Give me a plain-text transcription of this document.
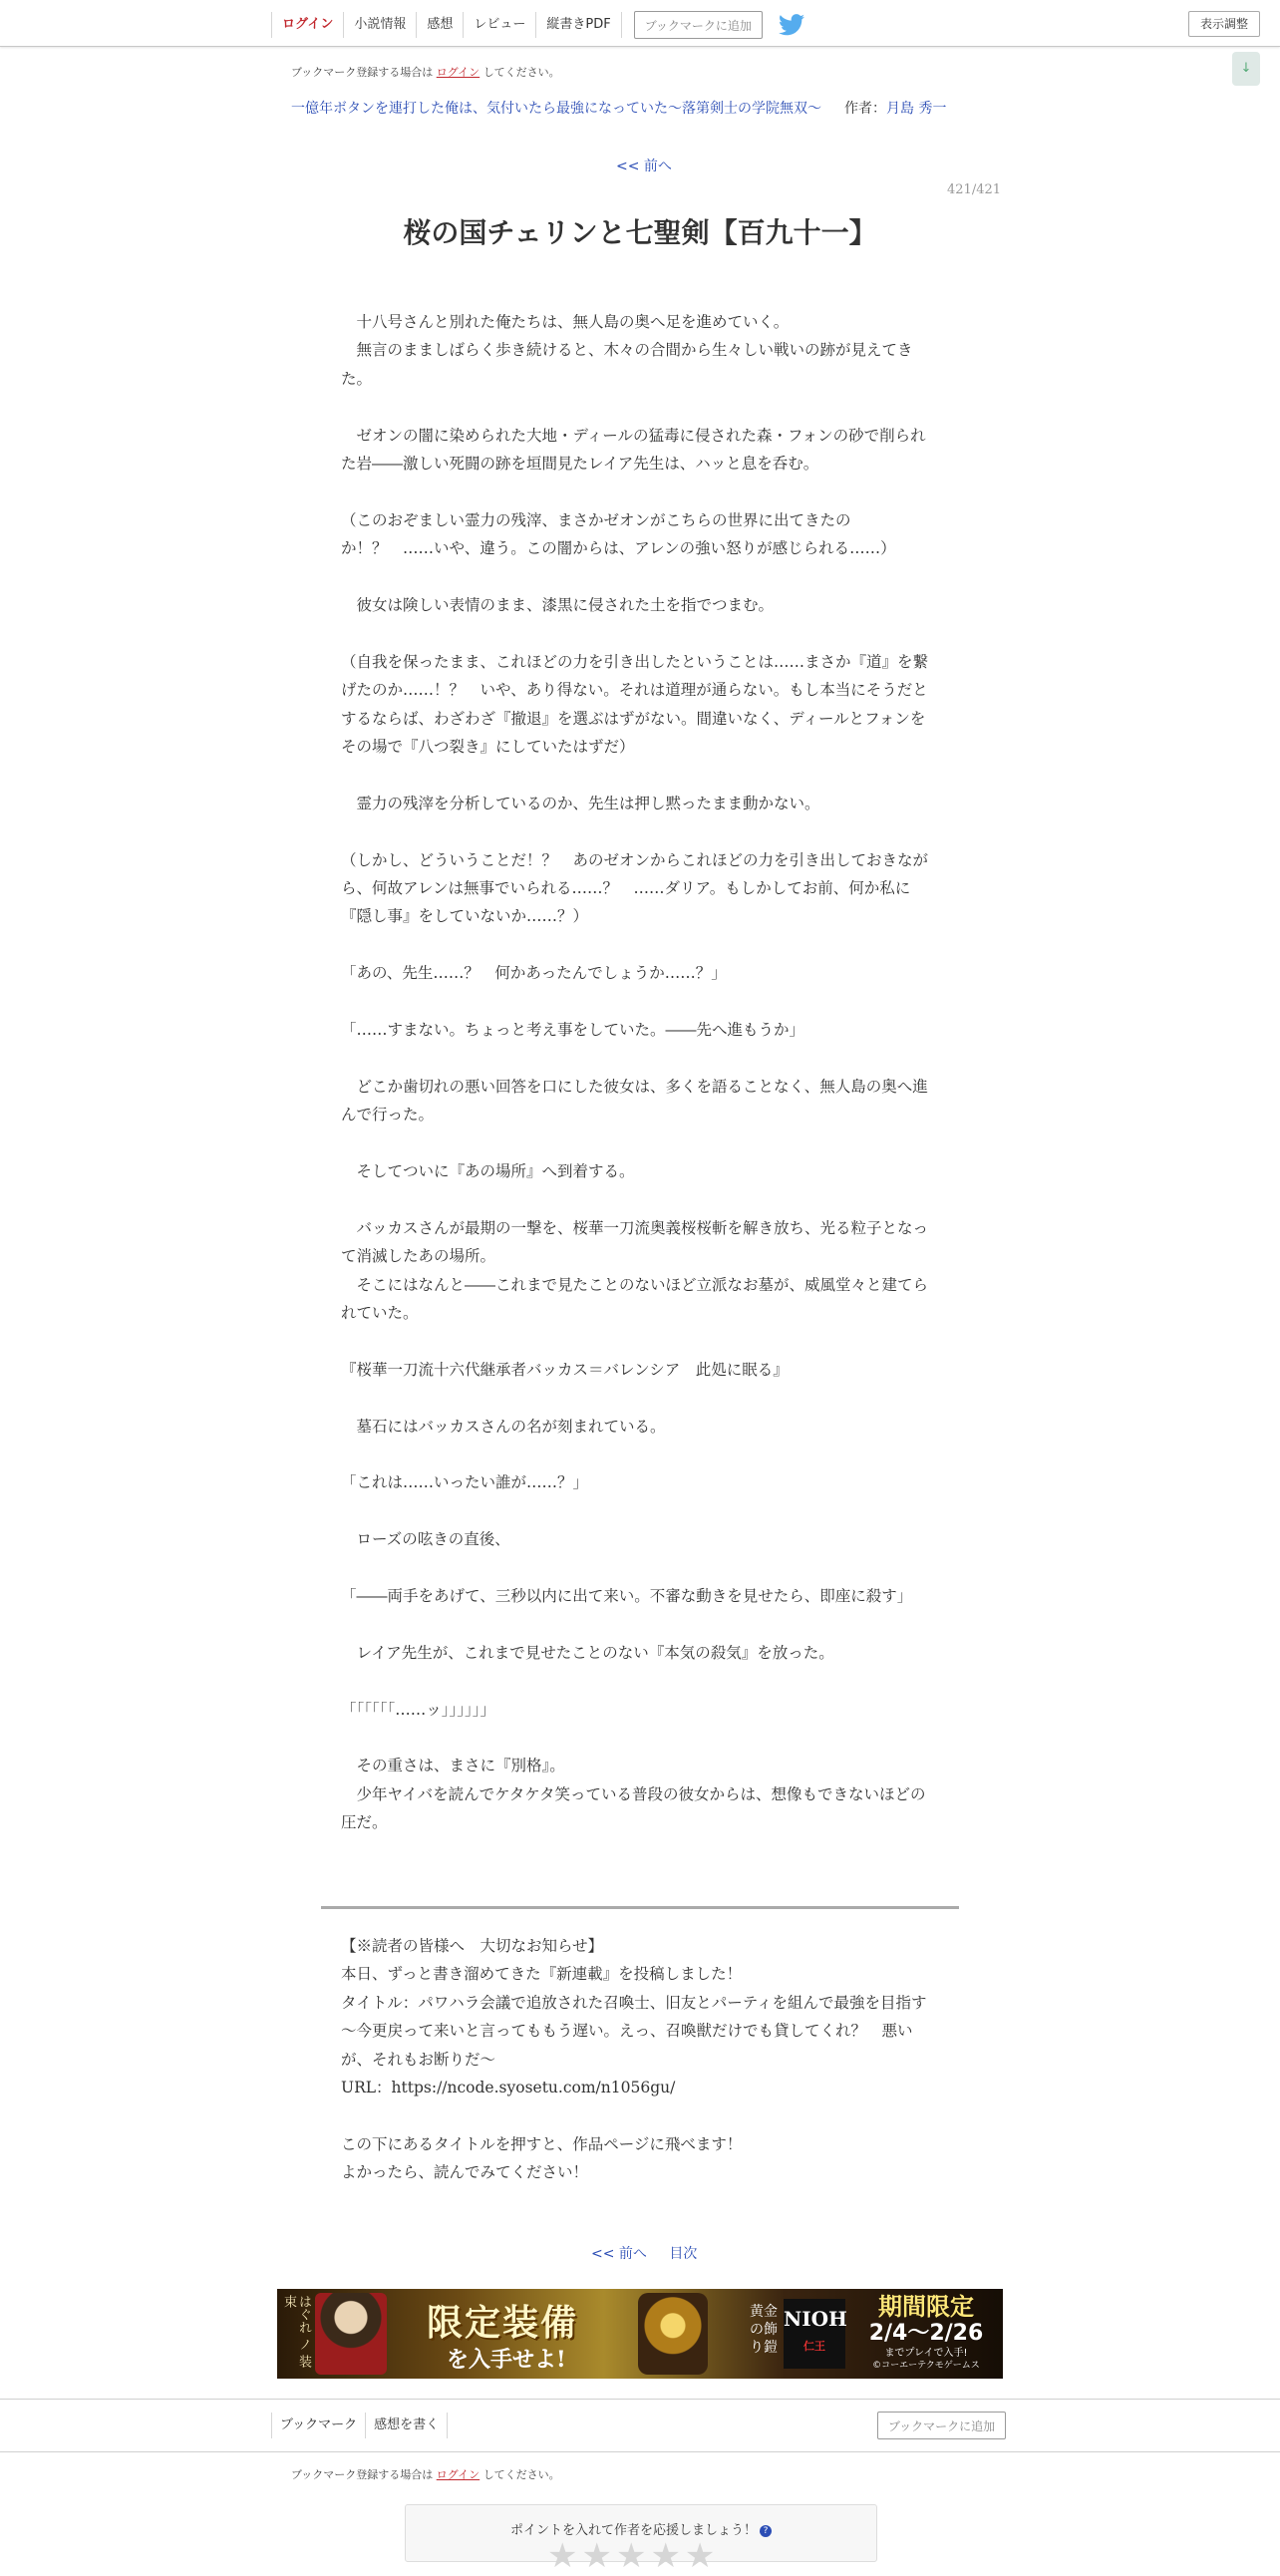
ログイン	小説情報	感想	レビュー	縦書きPDF	ブックマークに追加	表示調整
ブックマーク登録する場合は ログイン してください。	↓
一億年ボタンを連打した俺は、気付いたら最強になっていた～落第剣士の学院無双～ 作者：月島 秀一
<< 前へ
421/421
桜の国チェリンと七聖剣【百九十一】

　十八号さんと別れた俺たちは、無人島の奥へ足を進めていく。

　無言のまましばらく歩き続けると、木々の合間から生々しい戦いの跡が見えてきた。

　ゼオンの闇に染められた大地・ディールの猛毒に侵された森・フォンの砂で削られた岩――激しい死闘の跡を垣間見たレイア先生は、ハッと息を呑む。

（このおぞましい霊力の残滓、まさかゼオンがこちらの世界に出てきたのか！？　……いや、違う。この闇からは、アレンの強い怒りが感じられる……）

　彼女は険しい表情のまま、漆黒に侵された土を指でつまむ。

（自我を保ったまま、これほどの力を引き出したということは……まさか『道』を繋げたのか……！？　いや、あり得ない。それは道理が通らない。もし本当にそうだとするならば、わざわざ『撤退』を選ぶはずがない。間違いなく、ディールとフォンをその場で『八つ裂き』にしていたはずだ）

　霊力の残滓を分析しているのか、先生は押し黙ったまま動かない。

（しかし、どういうことだ！？　あのゼオンからこれほどの力を引き出しておきながら、何故アレンは無事でいられる……？　……ダリア。もしかしてお前、何か私に『隠し事』をしていないか……？）

「あの、先生……？　何かあったんでしょうか……？」

「……すまない。ちょっと考え事をしていた。――先へ進もうか」

　どこか歯切れの悪い回答を口にした彼女は、多くを語ることなく、無人島の奥へ進んで行った。

　そしてついに『あの場所』へ到着する。

　バッカスさんが最期の一撃を、桜華一刀流奥義桜桜斬を解き放ち、光る粒子となって消滅したあの場所。

　そこにはなんと――これまで見たことのないほど立派なお墓が、威風堂々と建てられていた。

『桜華一刀流十六代継承者バッカス＝バレンシア　此処に眠る』

　墓石にはバッカスさんの名が刻まれている。

「これは……いったい誰が……？」

　ローズの呟きの直後、

「――両手をあげて、三秒以内に出て来い。不審な動きを見せたら、即座に殺す」

　レイア先生が、これまで見せたことのない『本気の殺気』を放った。

「「「「「「……ッ」」」」」」

　その重さは、まさに『別格』。

　少年ヤイバを読んでケタケタ笑っている普段の彼女からは、想像もできないほどの圧だ。

【※読者の皆様へ　大切なお知らせ】

本日、ずっと書き溜めてきた『新連載』を投稿しました！

タイトル：パワハラ会議で追放された召喚士、旧友とパーティを組んで最強を目指す～今更戻って来いと言ってももう遅い。えっ、召喚獣だけでも貸してくれ？　悪いが、それもお断りだ～

URL：https://ncode.syosetu.com/n1056gu/

この下にあるタイトルを押すと、作品ページに飛べます！

よかったら、読んでみてください！

<< 前へ 目次
はぐれ ノ 装束
限定装備
を入手せよ!
黄金の飾り鎧
NIOH
仁王
期間限定
2/4～2/26
までプレイで入手!
©コーエーテクモゲームス
ブックマーク	感想を書く	ブックマークに追加
ブックマーク登録する場合は ログイン してください。
ポイントを入れて作者を応援しましょう！ ?
★★★★★
